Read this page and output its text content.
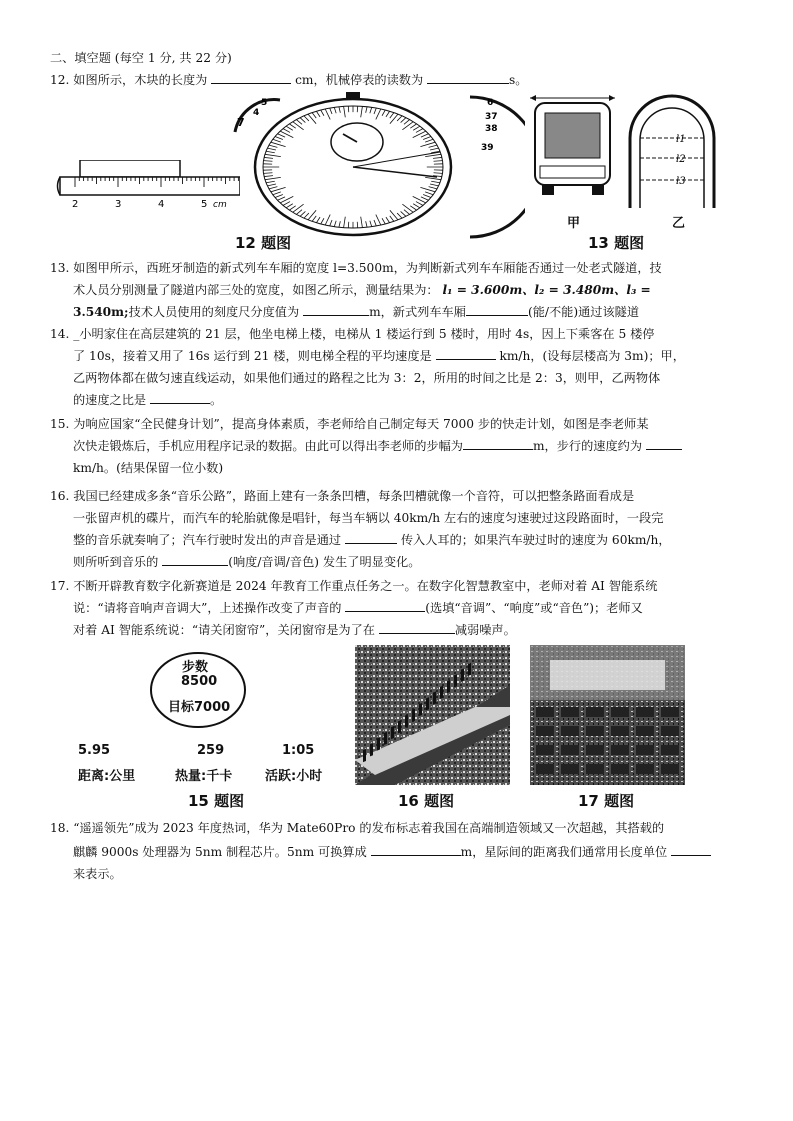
二、填空题 (每空 1 分, 共 22 分)
12. 如图所示，木块的长度为	cm，机械停表的读数为	s。
2	3	4	5 cm
5
4
7
6
37
38
39
l1
l2
l3
甲	乙
12 题图	13 题图
13. 如图甲所示，西班牙制造的新式列车车厢的宽度 l=3.500m，为判断新式列车车厢能否通过一处老式隧道，技
术人员分别测量了隧道内部三处的宽度，如图乙所示，测量结果为： l₁ = 3.600m、l₂ = 3.480m、l₃ =
3.540m;技术人员使用的刻度尺分度值为	m，新式列车车厢	(能/不能)通过该隧道
14. _小明家住在高层建筑的 21 层，他坐电梯上楼，电梯从 1 楼运行到 5 楼时，用时 4s，因上下乘客在 5 楼停
了 10s，接着又用了 16s 运行到 21 楼，则电梯全程的平均速度是	km/h，(设每层楼高为 3m)；甲，
乙两物体都在做匀速直线运动，如果他们通过的路程之比为 3：2，所用的时间之比是 2：3，则甲，乙两物体
的速度之比是	。
15. 为响应国家“全民健身计划”，提高身体素质，李老师给自己制定每天 7000 步的快走计划，如图是李老师某
次快走锻炼后，手机应用程序记录的数据。由此可以得出李老师的步幅为	m，步行的速度约为
km/h。(结果保留一位小数)
16. 我国已经建成多条“音乐公路”，路面上建有一条条凹槽，每条凹槽就像一个音符，可以把整条路面看成是
一张留声机的碟片，而汽车的轮胎就像是唱针，每当车辆以 40km/h 左右的速度匀速驶过这段路面时，一段完
整的音乐就奏响了；汽车行驶时发出的声音是通过	传入人耳的；如果汽车驶过时的速度为 60km/h，
则所听到音乐的	(响度/音调/音色) 发生了明显变化。
17. 不断开辟教育数字化新赛道是 2024 年教育工作重点任务之一。在数字化智慧教室中，老师对着 AI 智能系统
说：“请将音响声音调大”，上述操作改变了声音的	(选填“音调”、“响度”或“音色”)；老师又
对着 AI 智能系统说：“请关闭窗帘”，关闭窗帘是为了在	减弱噪声。
步数
8500
目标7000
5.95	259	1:05
距离:公里	热量:千卡	活跃:小时
15 题图	16 题图	17 题图
18. “遥遥领先”成为 2023 年度热词，华为 Mate60Pro 的发布标志着我国在高端制造领域又一次超越，其搭载的
麒麟 9000s 处理器为 5nm 制程芯片。5nm 可换算成	m，星际间的距离我们通常用长度单位
来表示。
